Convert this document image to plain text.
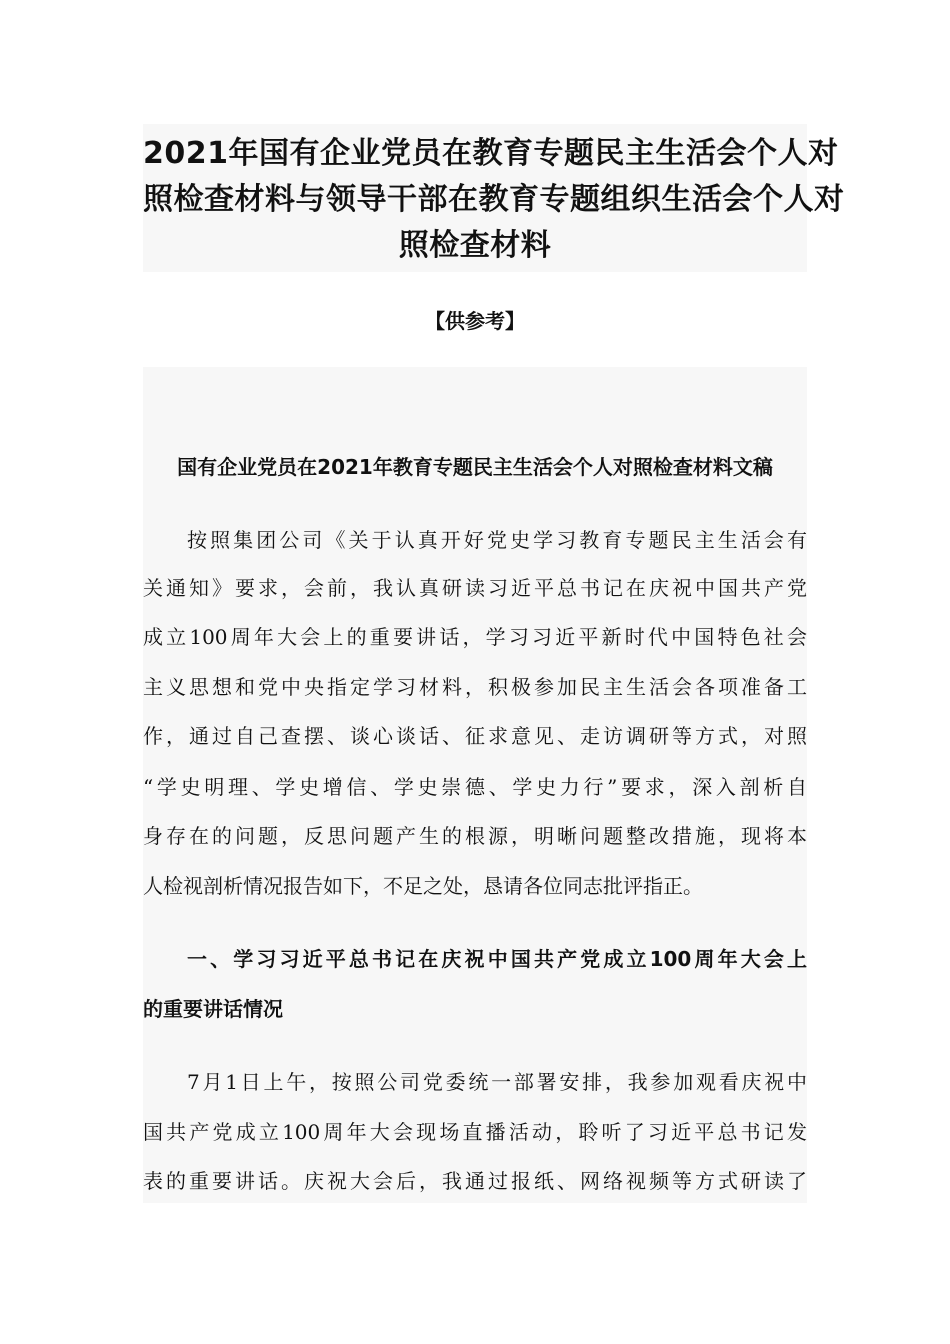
2021年国有企业党员在教育专题民主生活会个人对
照检查材料与领导干部在教育专题组织生活会个人对
照检查材料
【供参考】
国有企业党员在2021年教育专题民主生活会个人对照检查材料文稿
按照集团公司《关于认真开好党史学习教育专题民主生活会有
关通知》要求，会前，我认真研读习近平总书记在庆祝中国共产党
成立100周年大会上的重要讲话，学习习近平新时代中国特色社会
主义思想和党中央指定学习材料，积极参加民主生活会各项准备工
作，通过自己查摆、谈心谈话、征求意见、走访调研等方式，对照
“学史明理、学史增信、学史崇德、学史力行”要求，深入剖析自
身存在的问题，反思问题产生的根源，明晰问题整改措施，现将本
人检视剖析情况报告如下，不足之处，恳请各位同志批评指正。
一、学习习近平总书记在庆祝中国共产党成立100周年大会上
的重要讲话情况
7月1日上午，按照公司党委统一部署安排，我参加观看庆祝中
国共产党成立100周年大会现场直播活动，聆听了习近平总书记发
表的重要讲话。庆祝大会后，我通过报纸、网络视频等方式研读了
